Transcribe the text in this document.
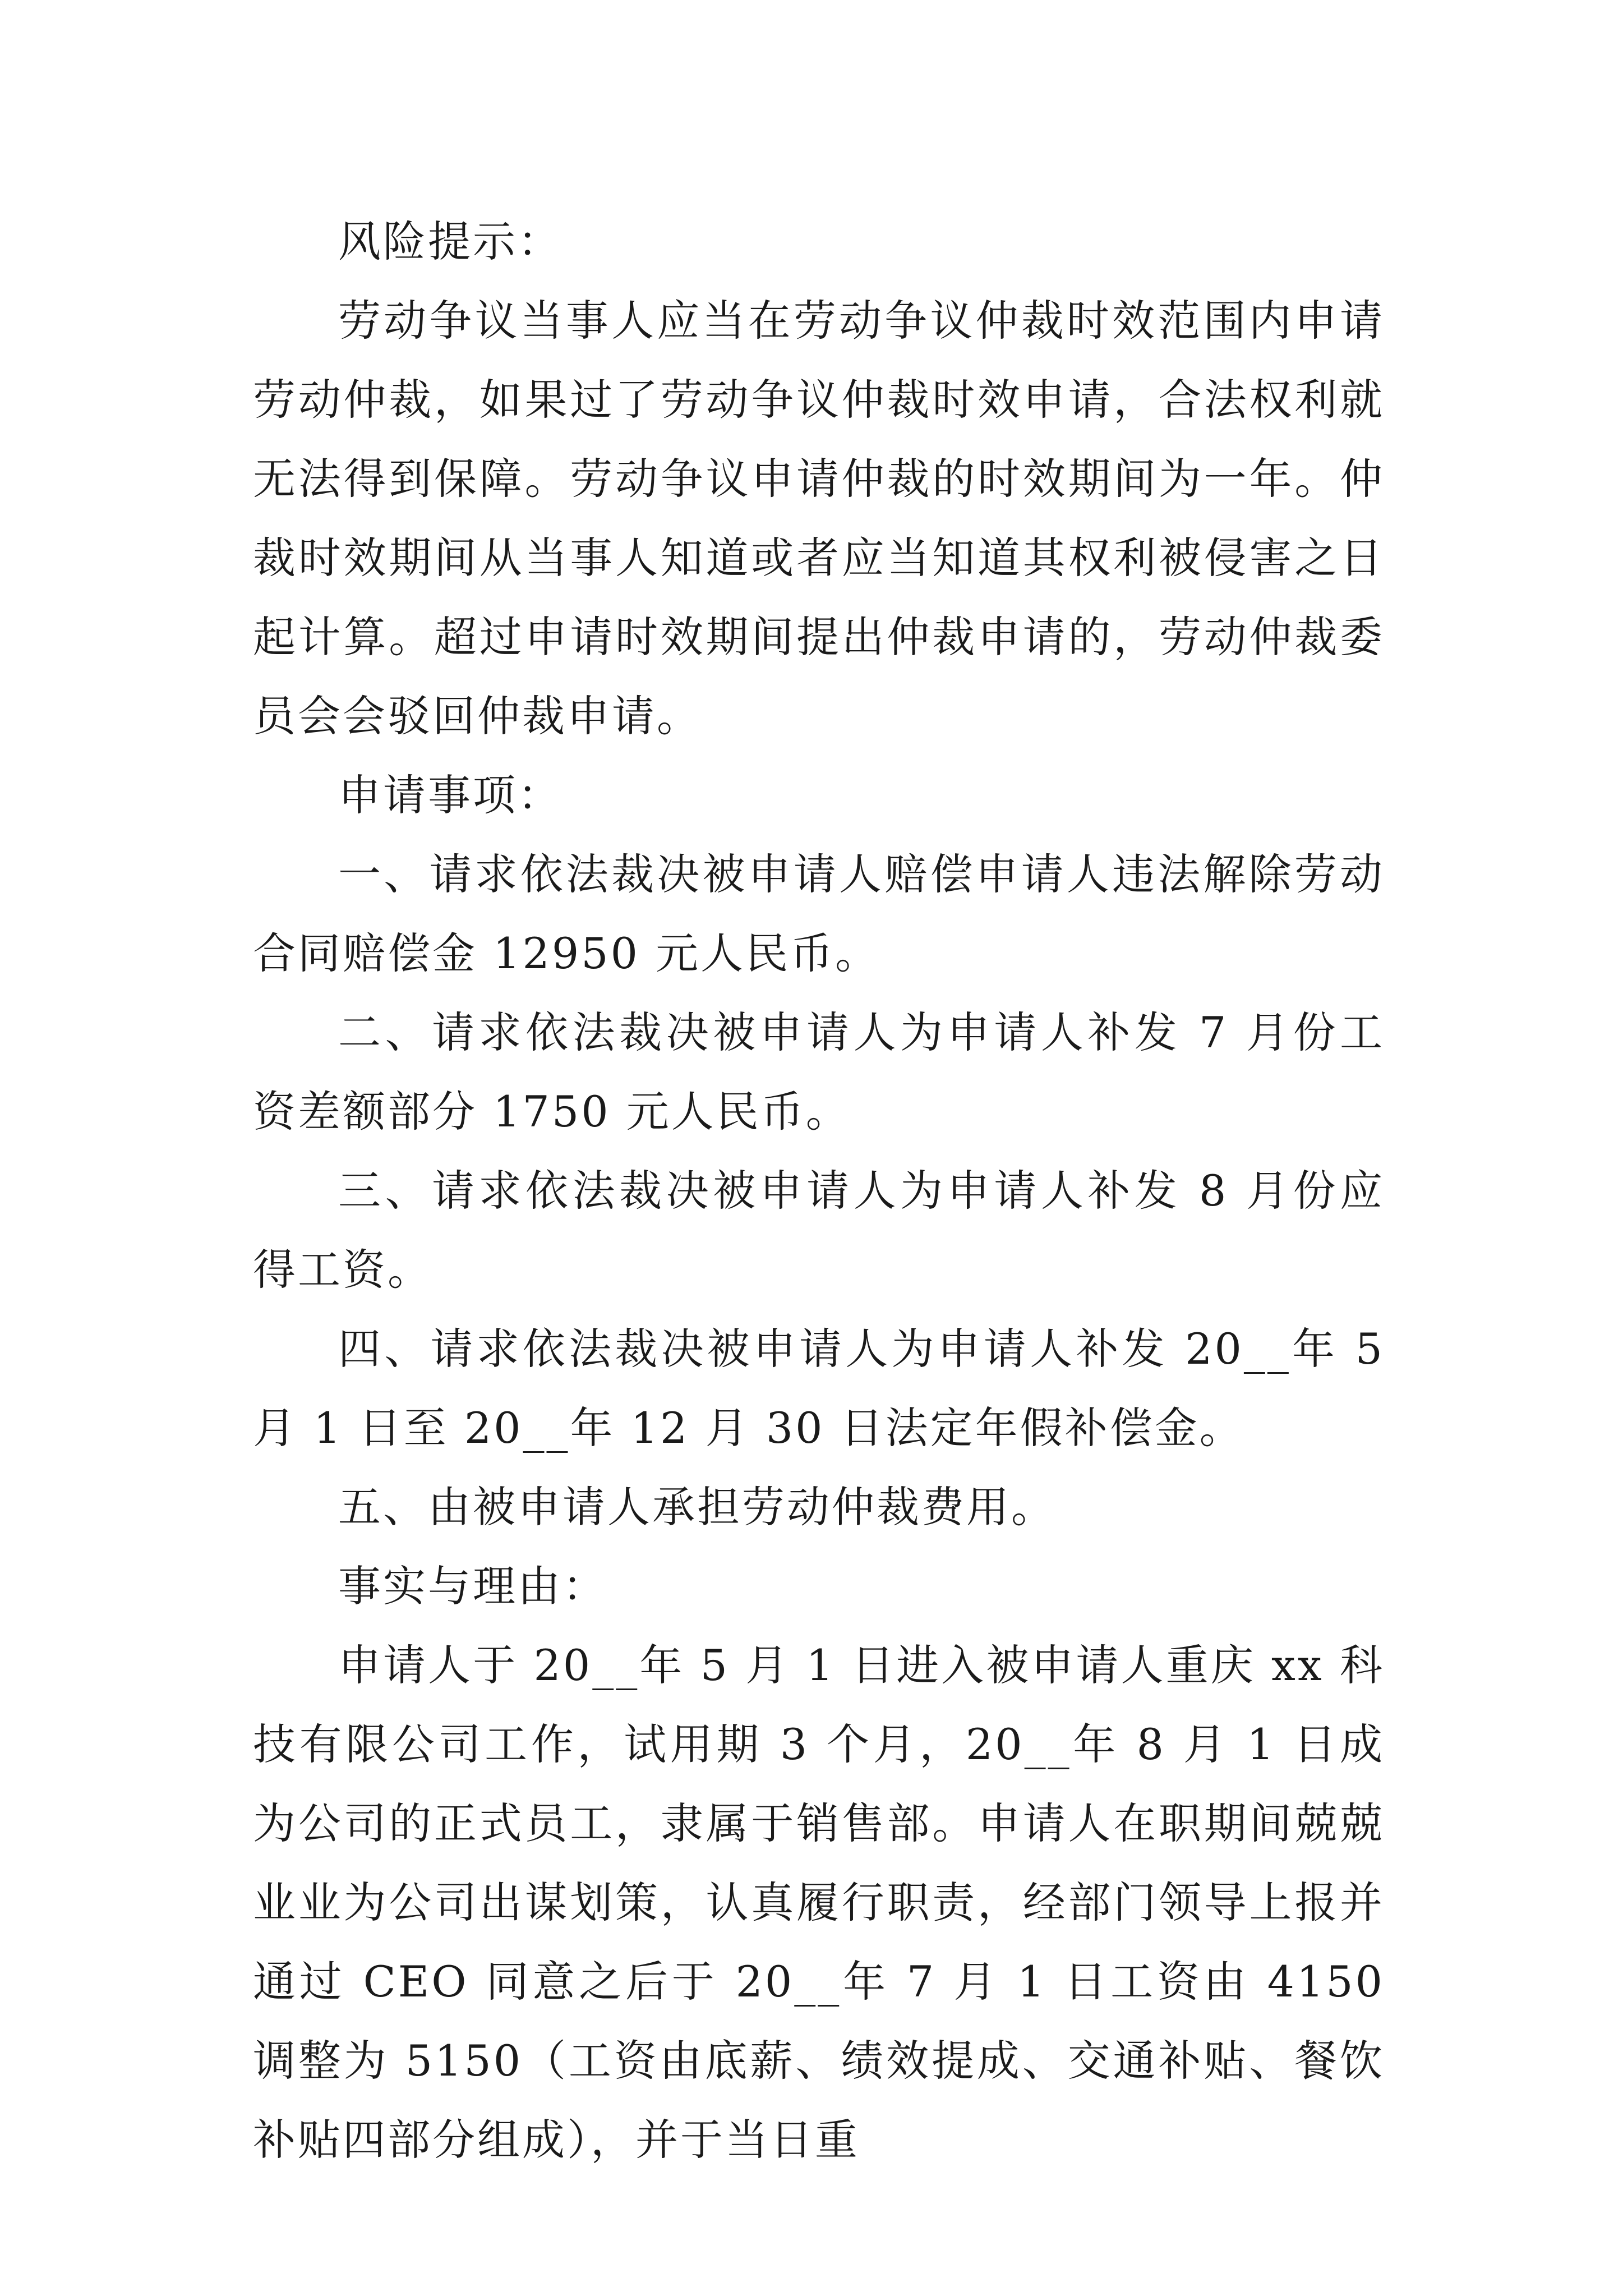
风险提示：

劳动争议当事人应当在劳动争议仲裁时效范围内申请劳动仲裁，如果过了劳动争议仲裁时效申请，合法权利就无法得到保障。劳动争议申请仲裁的时效期间为一年。仲裁时效期间从当事人知道或者应当知道其权利被侵害之日起计算。超过申请时效期间提出仲裁申请的，劳动仲裁委员会会驳回仲裁申请。

申请事项：

一、请求依法裁决被申请人赔偿申请人违法解除劳动合同赔偿金 12950 元人民币。

二、请求依法裁决被申请人为申请人补发 7 月份工资差额部分 1750 元人民币。

三、请求依法裁决被申请人为申请人补发 8 月份应得工资。

四、请求依法裁决被申请人为申请人补发 20__年 5 月 1 日至 20__年 12 月 30 日法定年假补偿金。

五、由被申请人承担劳动仲裁费用。

事实与理由：

申请人于 20__年 5 月 1 日进入被申请人重庆 xx 科技有限公司工作，试用期 3 个月，20__年 8 月 1 日成为公司的正式员工，隶属于销售部。申请人在职期间兢兢业业为公司出谋划策，认真履行职责，经部门领导上报并通过 CEO 同意之后于 20__年 7 月 1 日工资由 4150 调整为 5150（工资由底薪、绩效提成、交通补贴、餐饮补贴四部分组成），并于当日重
